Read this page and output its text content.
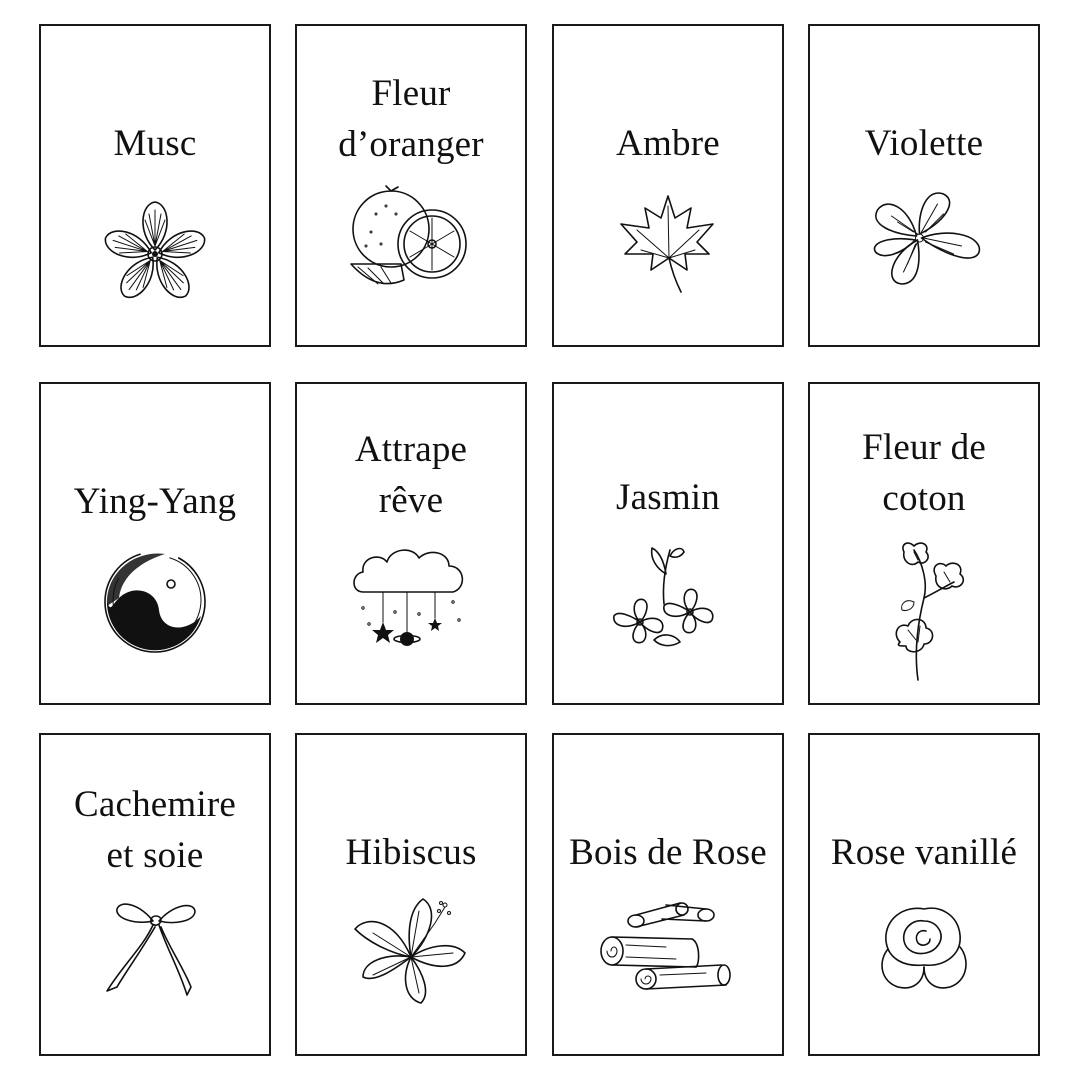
Musc
Fleur
d’oranger	Ambre	Violette
Ying-Yang
Attrape
rêve	Jasmin
Fleur de
coton
Cachemire
et soie	Hibiscus	Bois de Rose	Rose vanillé
